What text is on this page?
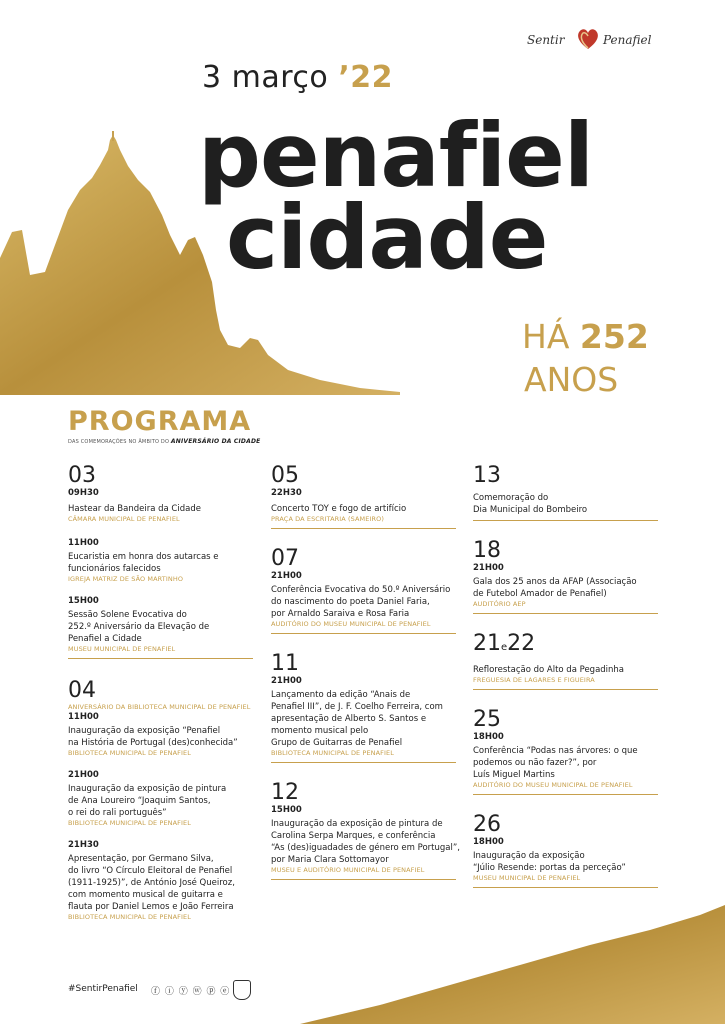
Sentir	Penafiel
3 março ’22
penafiel
cidade
HÁ 252
ANOS
PROGRAMA
DAS COMEMORAÇÕES NO ÂMBITO DO ANIVERSÁRIO DA CIDADE
03
09H30
Hastear da Bandeira da Cidade
CÂMARA MUNICIPAL DE PENAFIEL
11H00
Eucaristia em honra dos autarcas e
funcionários falecidos
IGREJA MATRIZ DE SÃO MARTINHO
15H00
Sessão Solene Evocativa do
252.º Aniversário da Elevação de
Penafiel a Cidade
MUSEU MUNICIPAL DE PENAFIEL
04
ANIVERSÁRIO DA BIBLIOTECA MUNICIPAL DE PENAFIEL
11H00
Inauguração da exposição “Penafiel
na História de Portugal (des)conhecida”
BIBLIOTECA MUNICIPAL DE PENAFIEL
21H00
Inauguração da exposição de pintura
de Ana Loureiro “Joaquim Santos,
o rei do rali português”
BIBLIOTECA MUNICIPAL DE PENAFIEL
21H30
Apresentação, por Germano Silva,
do livro “O Círculo Eleitoral de Penafiel
(1911-1925)”, de António José Queiroz,
com momento musical de guitarra e
flauta por Daniel Lemos e João Ferreira
BIBLIOTECA MUNICIPAL DE PENAFIEL
05
22H30
Concerto TOY e fogo de artifício
PRAÇA DA ESCRITARIA (SAMEIRO)
07
21H00
Conferência Evocativa do 50.º Aniversário
do nascimento do poeta Daniel Faria,
por Arnaldo Saraiva e Rosa Faria
AUDITÓRIO DO MUSEU MUNICIPAL DE PENAFIEL
11
21H00
Lançamento da edição “Anais de
Penafiel III”, de J. F. Coelho Ferreira, com
apresentação de Alberto S. Santos e
momento musical pelo
Grupo de Guitarras de Penafiel
BIBLIOTECA MUNICIPAL DE PENAFIEL
12
15H00
Inauguração da exposição de pintura de
Carolina Serpa Marques, e conferência
“As (des)iguadades de género em Portugal”,
por Maria Clara Sottomayor
MUSEU E AUDITÓRIO MUNICIPAL DE PENAFIEL
13
Comemoração do
Dia Municipal do Bombeiro
18
21H00
Gala dos 25 anos da AFAP (Associação
de Futebol Amador de Penafiel)
AUDITÓRIO AEP
21e22
Reflorestação do Alto da Pegadinha
FREGUESIA DE LAGARES E FIGUEIRA
25
18H00
Conferência “Podas nas árvores: o que
podemos ou não fazer?”, por
Luís Miguel Martins
AUDITÓRIO DO MUSEU MUNICIPAL DE PENAFIEL
26
18H00
Inauguração da exposição
“Júlio Resende: portas da perceção”
MUSEU MUNICIPAL DE PENAFIEL
#SentirPenafiel ⓕ ⓘ ⓨ ⓦ ⓟ ⓔ
